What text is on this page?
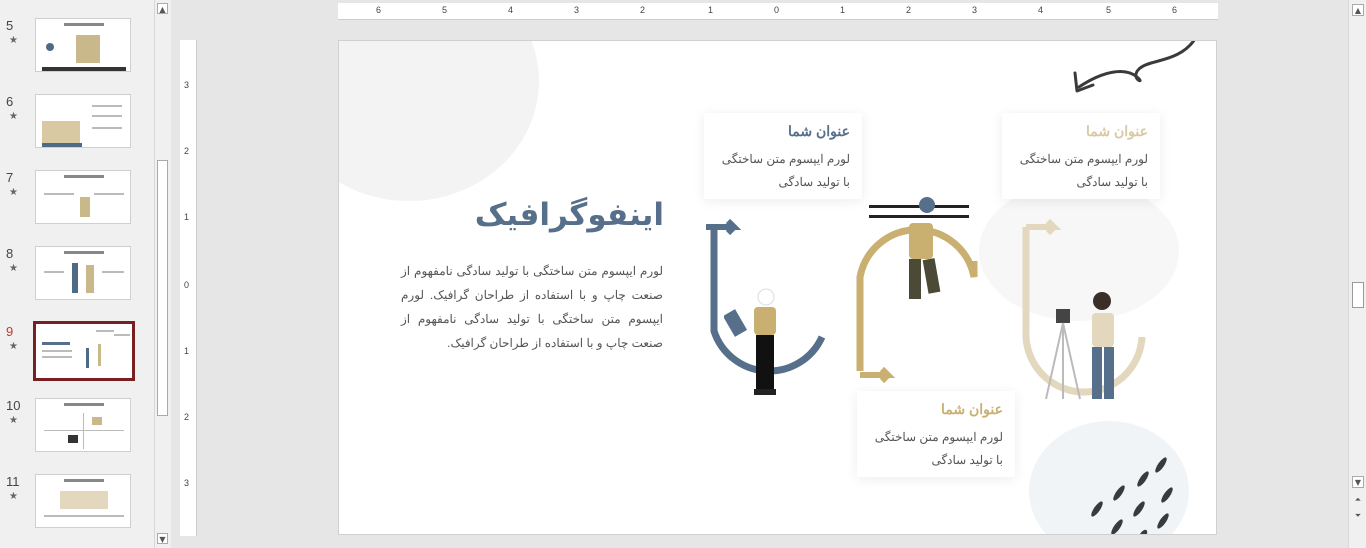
5
★
6
★
7
★
8
★
9
★
10
★
11
★
▲
▼
6	5	4	3	2	1	0	1	2	3	4	5	6
3
2
1
0
1
2
3
اینفوگرافیک
لورم ایپسوم متن ساختگی با تولید سادگی نامفهوم از صنعت چاپ و با استفاده از طراحان گرافیک. لورم ایپسوم متن ساختگی با تولید سادگی نامفهوم از صنعت چاپ و با استفاده از طراحان گرافیک.
عنوان شما
لورم ایپسوم متن ساختگی
با تولید سادگی
عنوان شما
لورم ایپسوم متن ساختگی
با تولید سادگی
عنوان شما
لورم ایپسوم متن ساختگی
با تولید سادگی
▲
▼
⏶
⏷
